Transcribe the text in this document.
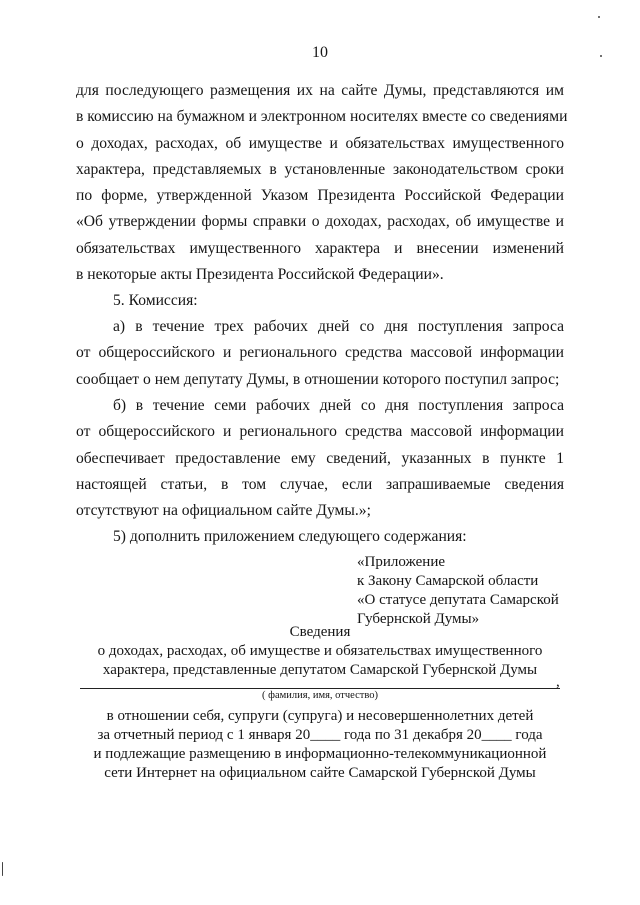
10
для последующего размещения их на сайте Думы, представляются им
в комиссию на бумажном и электронном носителях вместе со сведениями
о доходах, расходах, об имуществе и обязательствах имущественного
характера, представляемых в установленные законодательством сроки
по форме, утвержденной Указом Президента Российской Федерации
«Об утверждении формы справки о доходах, расходах, об имуществе и
обязательствах имущественного характера и внесении изменений
в некоторые акты Президента Российской Федерации».
5. Комиссия:
а) в течение трех рабочих дней со дня поступления запроса
от общероссийского и регионального средства массовой информации
сообщает о нем депутату Думы, в отношении которого поступил запрос;
б) в течение семи рабочих дней со дня поступления запроса
от общероссийского и регионального средства массовой информации
обеспечивает предоставление ему сведений, указанных в пункте 1
настоящей статьи, в том случае, если запрашиваемые сведения
отсутствуют на официальном сайте Думы.»;
5) дополнить приложением следующего содержания:
«Приложение
к Закону Самарской области
«О статусе депутата Самарской
Губернской Думы»
Сведения
о доходах, расходах, об имуществе и обязательствах имущественного
характера, представленные депутатом Самарской Губернской Думы
,
( фамилия, имя, отчество)
в отношении себя, супруги (супруга) и несовершеннолетних детей
за отчетный период с 1 января 20____ года по 31 декабря 20____ года
и подлежащие размещению в информационно-телекоммуникационной
сети Интернет на официальном сайте Самарской Губернской Думы
